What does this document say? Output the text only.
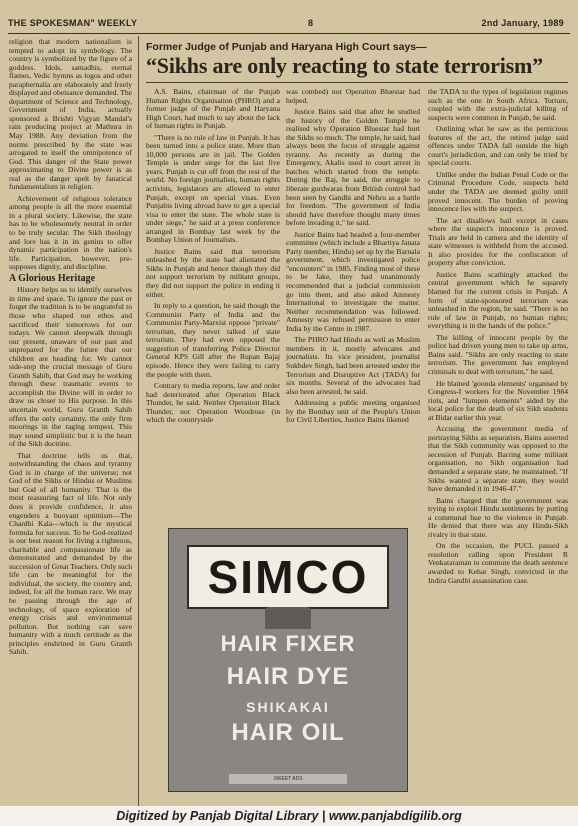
THE SPOKESMAN" WEEKLY	8	2nd January, 1989

religion that modern nationalism is tempted to adopt its symbology. The country is symbolized by the figure of a goddess. Idols, samadhis, eternal flames, Vedic hymns as logos and other paraphernalia are elaborately and freely displayed and obeisance demanded. The department of Science and Technology, Government of India, actually sponsored a Brishti Vigyan Mandal's rain producing project at Mathura in May 1988. Any deviation from the norms prescribed by the state was arrogated to itself the omnipotence of God. This danger of the State power approximating to Divine power is as real as the danger spelt by fanatical fundamentalism in religion.

Achievement of religious tolerance among people is all the more essential in a plural society. Likewise, the state has to be wholesomely neutral in order to be truly secular. The Sikh theology and lore has it in its genius to offer dynamic participation in the nation's life. Participation, however, pre-supposes dignity, and discipline.

A Glorious Heritage

History helps us to identify ourselves in time and space. To ignore the past or forget the tradition is to be ungrateful to those who shaped our ethos and sacrificed their tomorrows for our todays. We cannot sleepwalk through our present, unaware of our past and unprepared for the future that our children are heading for. We cannot side-step the crucial message of Guru Granth Sahib, that God may be working through these traumatic events to accomplish the Divine will in order to draw us closer to His purpose. In this uncertain world, Guru Granth Sahib offers the only certainty, the only firm moorings in the raging tempest. This may sound simplistic but it is the heart of the Sikh doctrine.

That doctrine tells us that, notwithstanding the chaos and tyranny God is in charge of the universe; not God of the Sikhs or Hindus or Muslims but God of all humanity. That is the most reassuring fact of life. Not only does it provide confidence, it also engenders a buoyant optimism—The Chardhi Kala—which is the mystical formula for success. To be God-realized is our best reason for living a righteous, charitable and compassionate life as demonstrated and demanded by the succession of Great Teachers. Only such life can be meaningful for the individual, the society, the country and, indeed, for all the human race. We may be passing through the age of technology, of space exploration of energy crisis and environmental pollution. But nothing can save humanity with a much certitude as the principles enshrined in Guru Granth Sahib.

Former Judge of Punjab and Haryana High Court says—
“Sikhs are only reacting to state terrorism”

A.S. Bains, chairman of the Punjab Human Rights Organisation (PHRO) and a former judge of the Punjab and Haryana High Court, had much to say about the lack of human rights in Punjab.

"There is no rule of law in Punjab. It has been turned into a police state. More than 10,000 persons are in jail. The Golden Temple is under siege for the last five years. Punjab is cut off from the rest of the world. No foreign journalists, human rights activists, legislators are allowed to enter Punjab, except on special visas. Even Punjabis living abroad have to get a special visa to enter the state. The whole state is under siege," he said at a press conference arranged in Bombay last week by the Bombay Union of Journalists.

Justice Bains said that terrorism unleashed by the state had alienated the Sikhs in Punjab and hence though they did not support terrorism by militant groups, they did not support the police in ending it either.

In reply to a question, he said though the Communist Party of India and the Communist Party-Marxist oppose "private" terrorism, they never talked of state terrorism. They had even opposed the suggestion of transferring Police Director General KPS Gill after the Rupan Bajaj episode. Hence they were failing to carry the people with them.

Contrary to media reports, law and order had deteriorated after Operation Black Thunder, he said. Neither Operation Black Thunder, nor Operation Woodrose (in which the countryside

was combed) nor Operation Bluestar had helped.

Justice Bains said that after he studied the history of the Golden Temple he realised why Operation Bluestar had hurt the Sikhs so much. The temple, he said, had always been the focus of struggle against tyranny. As recently as during the Emergency, Akalis used to court arrest in batches which started from the temple. During the Raj, he said, the struggle to liberate gurdwaras from British control had been seen by Gandhi and Nehru as a battle for freedom. "The government of India should have therefore thought many times before invading it," he said.

Justice Bains had headed a four-member committee (which include a Bhartiya Janata Party member, Hindu) set up by the Barnala government, which investigated police "encounters" in 1985. Finding most of these to be fake, they had unanimously recommended that a judicial commission go into them, and also asked Amnesty International to investigate the matter. Neither recommendation was followed. Amnesty was refused permission to enter India by the Centre in 1987.

The PHRO had Hindu as well as Muslim members in it, mostly advocates and journalists. Its vice president, journalist Sukhdev Singh, had been arrested under the Terrorism and Disruptive Act (TADA) for six months. Several of the advocates had also been arrested, he said.

Addressing a public meeting organised by the Bombay unit of the People's Union for Civil Liberties, Justice Bains likened

the TADA to the types of legislation regimes such as the one in South Africa. Torture, coupled with the extra-judicial killing of suspects were common in Punjab, he said.

Outlining what he saw as the pernicious features of the act, the retired judge said offences under TADA fall outside the high court's jurisdiction, and can only be tried by special courts.

Unlike under the Indian Penal Code or the Criminal Procedure Code, suspects held under the TADA are deemed guilty until proved innocent. The burden of proving innocence lies with the suspect.

The act disallows bail except in cases where the suspect's innocence is proved. Trials are held in camera and the identity of state witnesses is withheld from the accused. It also provides for the confiscation of property after conviction.

Justice Bains scathingly attacked the central government which he squarely blamed for the current crisis in Punjab. A form of state-sponsored terrorism was unleashed in the region, he said. "There is no rule of law in Punjab, no human rights; everything is in the hands of the police."

The killing of innocent people by the police had driven young men to take up arms, Bains said. "Sikhs are only reacting to state terrorism. The government has employed criminals to deal with terrorism," he said.

He blamed 'goonda elements' organised by Congress-I workers for the November 1984 riots, and "lumpen elements" aided by the local police for the death of six Sikh students at Bidar earlier this year.

Accusing the government media of portraying Sikhs as separatists, Bains asserted that the Sikh community was opposed to the secession of Punjab. Barring some militant organisation, no Sikh organisation had demanded a separate state, he maintained. "If Sikhs wanted a separate state, they would have demanded it in 1946-47."

Bains charged that the government was trying to exploit Hindu sentiments by putting a communal hue to the violence in Punjab. He denied that there was any Hindu-Sikh rivalry in that state.

On the occasion, the PUCL passed a resolution calling upon President R Venkataraman to commute the death sentence awarded to Kehar Singh, convicted in the Indira Gandhi assassination case.

SIMCO
HAIR FIXER
HAIR DYE
SHIKAKAI
HAIR OIL
SWEET ADS
Digitized by Panjab Digital Library | www.panjabdigilib.org
